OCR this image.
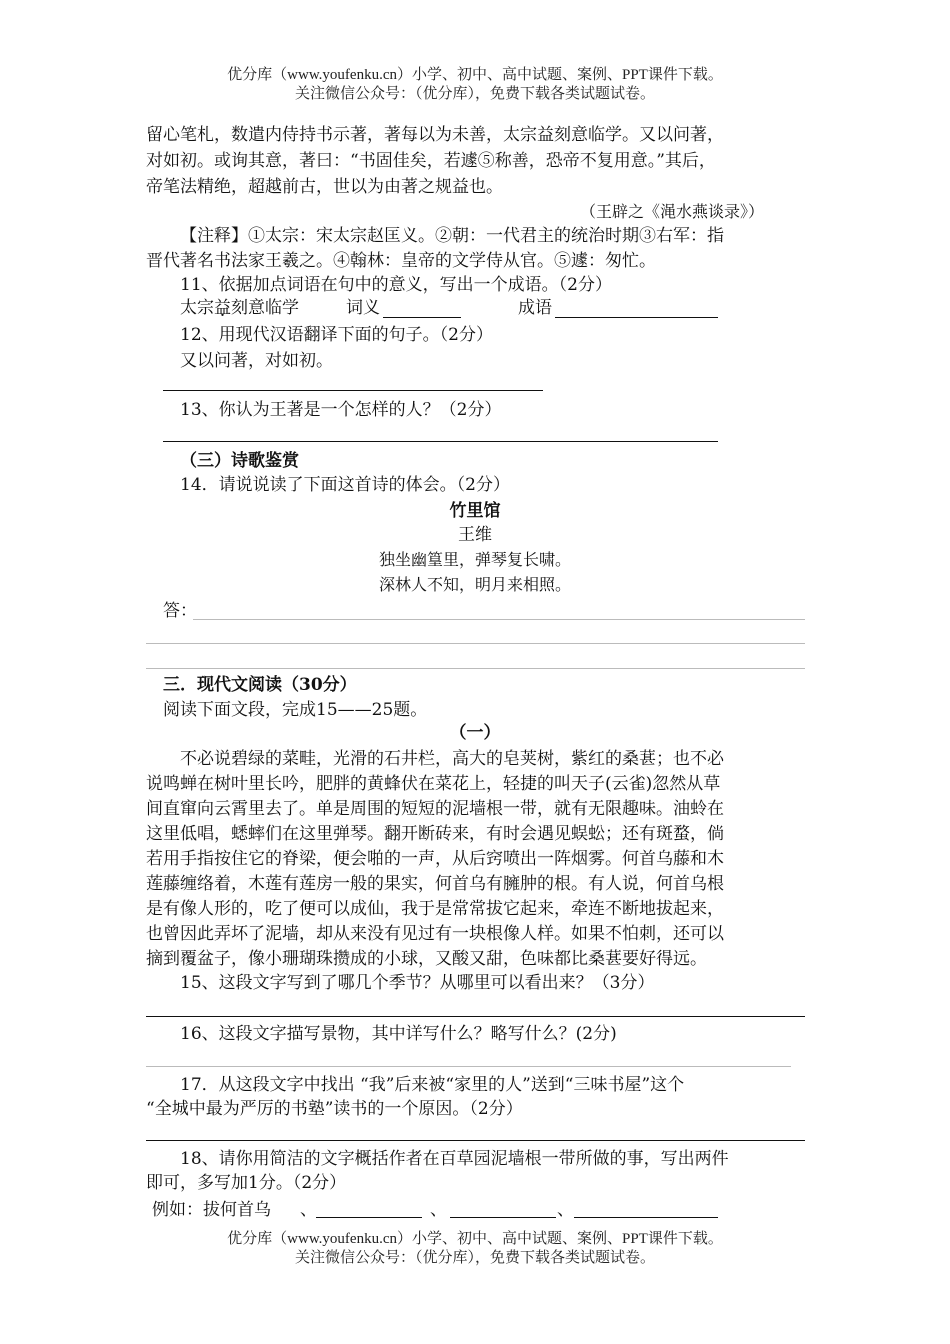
优分库（www.youfenku.cn）小学、初中、高中试题、案例、PPT课件下载。
关注微信公众号：（优分库），免费下载各类试题试卷。
留心笔札，数遣内侍持书示著，著每以为未善，太宗益刻意临学。又以问著，
对如初。或询其意，著曰：“书固佳矣，若遽⑤称善，恐帝不复用意。”其后，
帝笔法精绝，超越前古，世以为由著之规益也。
（王辟之《渑水燕谈录》）
【注释】①太宗：宋太宗赵匡义。②朝：一代君主的统治时期③右军：指
晋代著名书法家王羲之。④翰林：皇帝的文学侍从官。⑤遽：匆忙。
11、依据加点词语在句中的意义，写出一个成语。（2分）
太宗益刻意临学	词义	成语
12、用现代汉语翻译下面的句子。（2分）
又以问著，对如初。
13、你认为王著是一个怎样的人？（2分）
（三）诗歌鉴赏
14．请说说读了下面这首诗的体会。（2分）
竹里馆
王维
独坐幽篁里，弹琴复长啸。
深林人不知，明月来相照。
答：
三．现代文阅读（30分）
阅读下面文段，完成15——25题。
（一）
不必说碧绿的菜畦，光滑的石井栏，高大的皂荚树，紫红的桑葚；也不必
说鸣蝉在树叶里长吟，肥胖的黄蜂伏在菜花上，轻捷的叫天子(云雀)忽然从草
间直窜向云霄里去了。单是周围的短短的泥墙根一带，就有无限趣味。油蛉在
这里低唱，蟋蟀们在这里弹琴。翻开断砖来，有时会遇见蜈蚣；还有斑蝥，倘
若用手指按住它的脊梁，便会啪的一声，从后窍喷出一阵烟雾。何首乌藤和木
莲藤缠络着，木莲有莲房一般的果实，何首乌有臃肿的根。有人说，何首乌根
是有像人形的，吃了便可以成仙，我于是常常拔它起来，牵连不断地拔起来，
也曾因此弄坏了泥墙，却从来没有见过有一块根像人样。如果不怕刺，还可以
摘到覆盆子，像小珊瑚珠攒成的小球，又酸又甜，色味都比桑葚要好得远。
15、这段文字写到了哪几个季节？从哪里可以看出来？（3分）
16、这段文字描写景物，其中详写什么？略写什么？(2分)
17．从这段文字中找出 “我”后来被“家里的人”送到“三味书屋”这个
“全城中最为严厉的书塾”读书的一个原因。（2分）
18、请你用简洁的文字概括作者在百草园泥墙根一带所做的事，写出两件
即可，多写加1分。（2分）
例如：拔何首乌 、	、	、
优分库（www.youfenku.cn）小学、初中、高中试题、案例、PPT课件下载。
关注微信公众号：（优分库），免费下载各类试题试卷。
